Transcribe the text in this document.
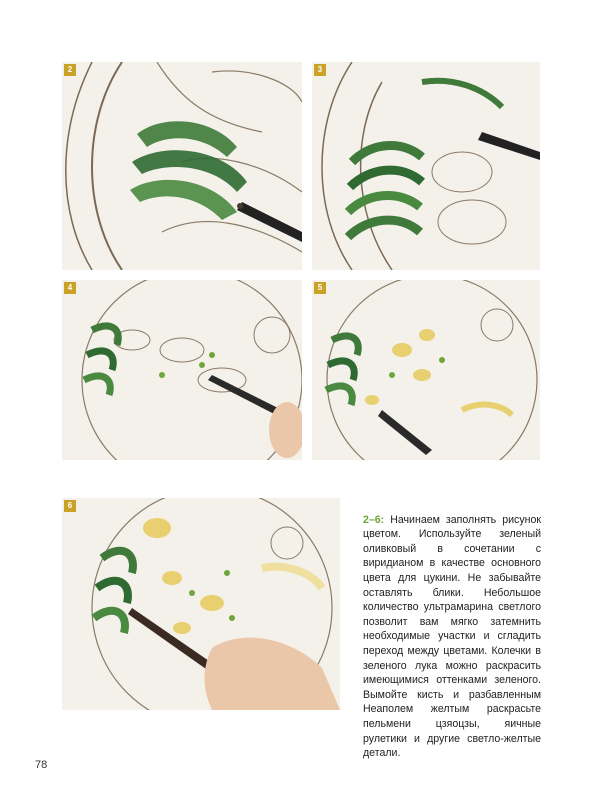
2	3
4	5
6

2–6: Начинаем заполнять рисунок цветом. Используйте зеленый оливковый в сочетании с виридианом в качестве основного цвета для цукини. Не забывайте оставлять блики. Небольшое количество ультрамарина светлого позволит вам мягко затемнить необходимые участки и сгладить переход между цветами. Колечки в зеленого лука можно раскрасить имеющимися оттенками зеленого. Вымойте кисть и разбавленным Неаполем желтым раскрасьте пельмени цзяоцзы, яичные рулетики и другие светло-желтые детали.

78
